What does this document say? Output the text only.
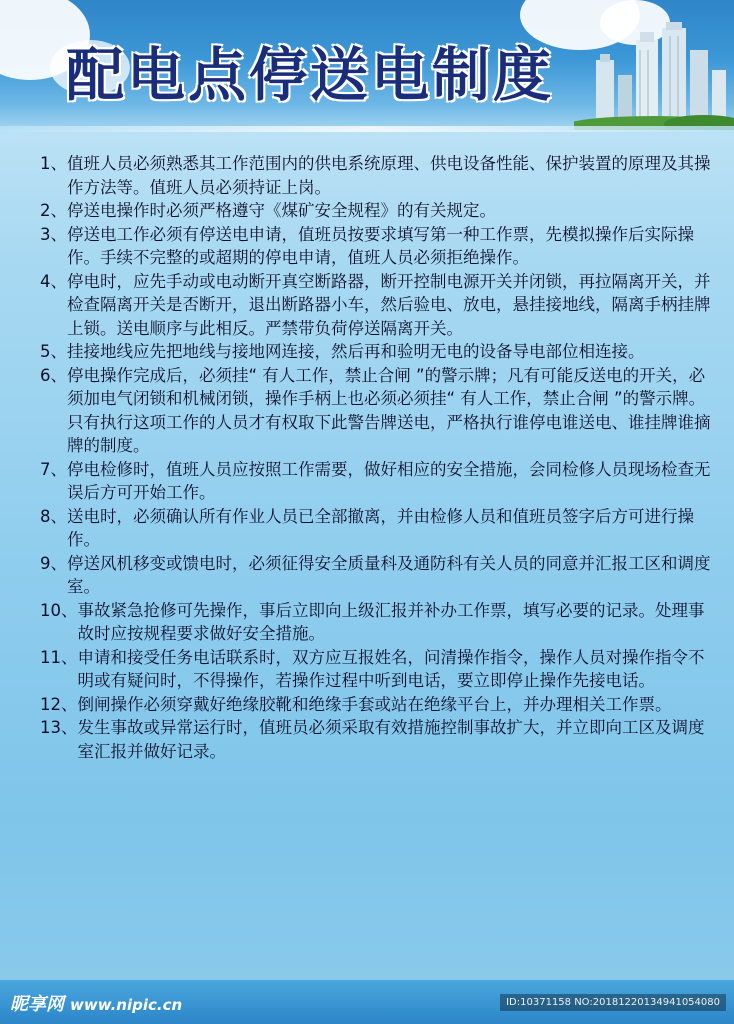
配电点停送电制度
1、 值班人员必须熟悉其工作范围内的供电系统原理、供电设备性能、保护装置的原理及其操作方法等。值班人员必须持证上岗。
2、 停送电操作时必须严格遵守《煤矿安全规程》的有关规定。
3、 停送电工作必须有停送电申请，值班员按要求填写第一种工作票，先模拟操作后实际操作。手续不完整的或超期的停电申请，值班人员必须拒绝操作。
4、 停电时，应先手动或电动断开真空断路器，断开控制电源开关并闭锁，再拉隔离开关，并检查隔离开关是否断开，退出断路器小车，然后验电、放电，悬挂接地线，隔离手柄挂牌上锁。送电顺序与此相反。严禁带负荷停送隔离开关。
5、 挂接地线应先把地线与接地网连接，然后再和验明无电的设备导电部位相连接。
6、 停电操作完成后，必须挂“ 有人工作，禁止合闸 ”的警示牌；凡有可能反送电的开关，必须加电气闭锁和机械闭锁，操作手柄上也必须必须挂“ 有人工作，禁止合闸 ”的警示牌。只有执行这项工作的人员才有权取下此警告牌送电，严格执行谁停电谁送电、谁挂牌谁摘牌的制度。
7、 停电检修时，值班人员应按照工作需要，做好相应的安全措施，会同检修人员现场检查无误后方可开始工作。
8、 送电时，必须确认所有作业人员已全部撤离，并由检修人员和值班员签字后方可进行操作。
9、 停送风机移变或馈电时，必须征得安全质量科及通防科有关人员的同意并汇报工区和调度室。
10、 事故紧急抢修可先操作，事后立即向上级汇报并补办工作票，填写必要的记录。处理事故时应按规程要求做好安全措施。
11、 申请和接受任务电话联系时，双方应互报姓名，问清操作指令，操作人员对操作指令不明或有疑问时，不得操作，若操作过程中听到电话，要立即停止操作先接电话。
12、 倒闸操作必须穿戴好绝缘胶靴和绝缘手套或站在绝缘平台上，并办理相关工作票。
13、 发生事故或异常运行时，值班员必须采取有效措施控制事故扩大，并立即向工区及调度室汇报并做好记录。
昵享网 www.nipic.cn	ID:10371158 NO:20181220134941054080
